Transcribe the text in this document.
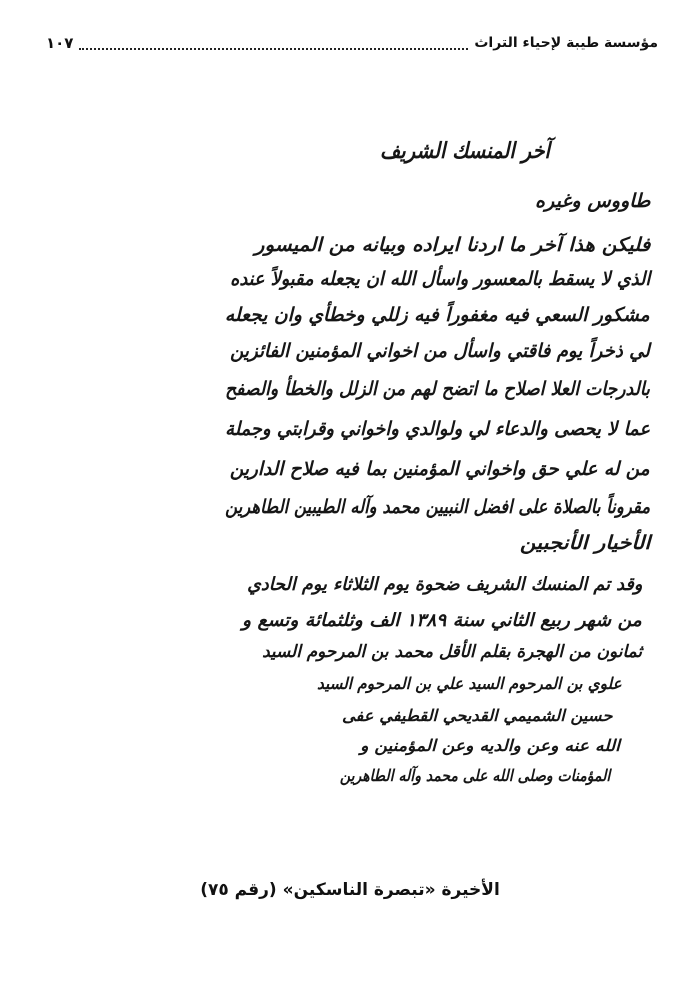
١٠٧	مؤسسة طيبة لإحياء التراث
آخر المنسك الشريف
طاووس وغيره
فليكن هذا آخر ما اردنا ايراده وبيانه من الميسور
الذي لا يسقط بالمعسور واسأل الله ان يجعله مقبولاً عنده
مشكور السعي فيه مغفوراً فيه زللي وخطأي وان يجعله
لي ذخراً يوم فاقتي واسأل من اخواني المؤمنين الفائزين
بالدرجات العلا اصلاح ما اتضح لهم من الزلل والخطأ والصفح
عما لا يحصى والدعاء لي ولوالدي واخواني وقرابتي وجملة
من له علي حق واخواني المؤمنين بما فيه صلاح الدارين
مقروناً بالصلاة على افضل النبيين محمد وآله الطيبين الطاهرين
الأخيار الأنجبين
وقد تم المنسك الشريف ضحوة يوم الثلاثاء يوم الحادي
من شهر ربيع الثاني سنة ١٣٨٩ الف وثلثمائة وتسع و
ثمانون من الهجرة بقلم الأقل محمد بن المرحوم السيد
علوي بن المرحوم السيد علي بن المرحوم السيد
حسين الشميمي القديحي القطيفي عفى
الله عنه وعن والديه وعن المؤمنين و
المؤمنات وصلى الله على محمد وآله الطاهرين
الأخيرة «تبصرة الناسكين» (رقم ٧٥)
